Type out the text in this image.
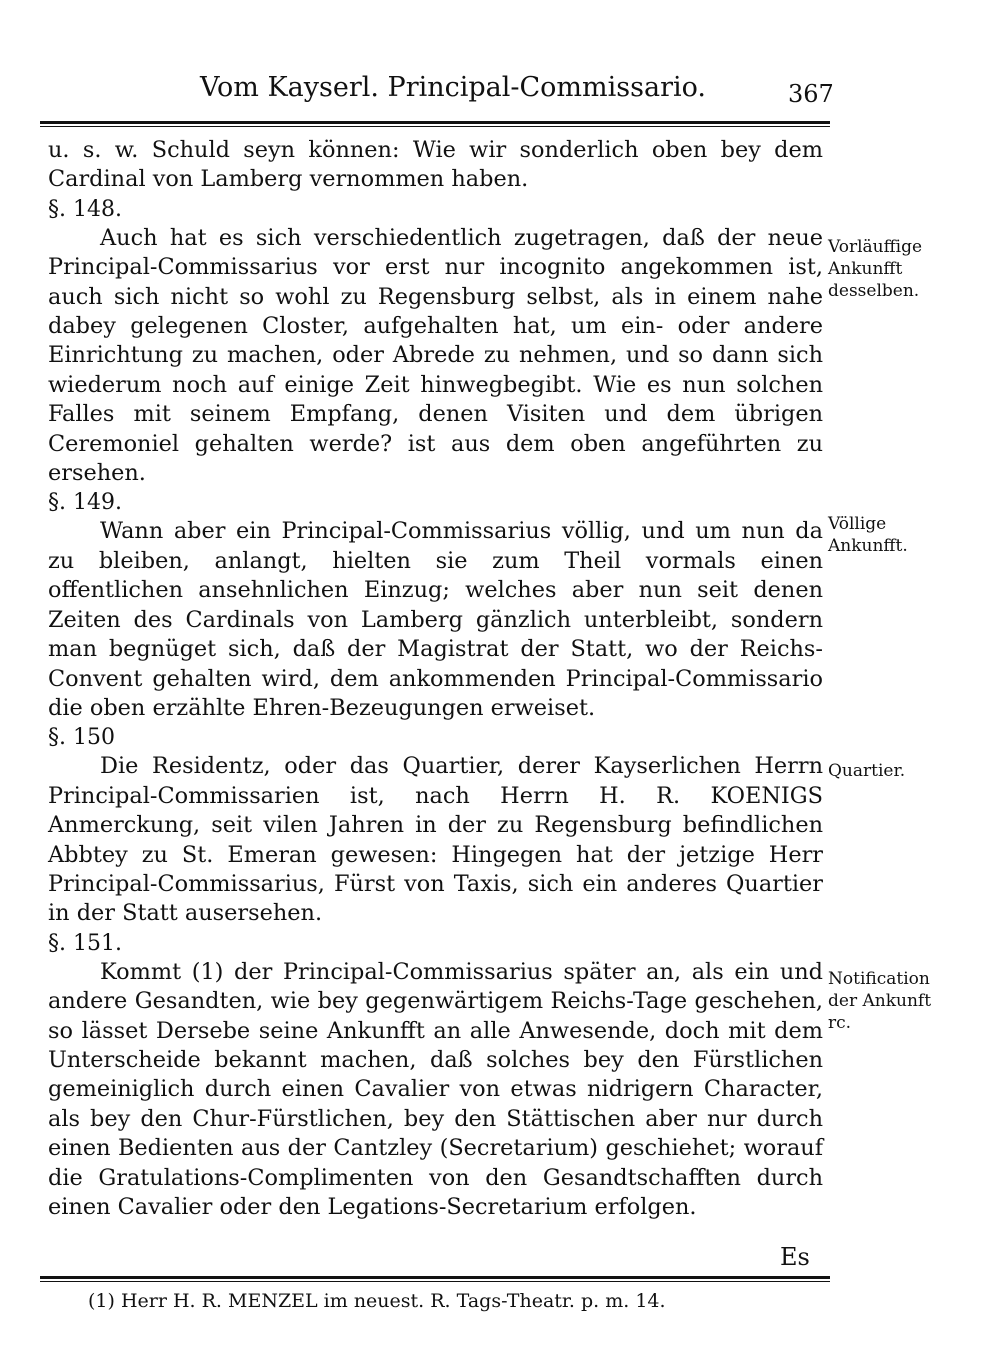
Vom Kayserl. Principal-Commissario.	367

u. s. w. Schuld seyn können: Wie wir sonderlich oben bey dem Cardinal von Lamberg vernommen haben.

§. 148.

Auch hat es sich verschiedentlich zugetragen, daß der neue Principal-Commissarius vor erst nur incognito angekommen ist, auch sich nicht so wohl zu Regensburg selbst, als in einem nahe dabey gelegenen Closter, aufgehalten hat, um ein- oder andere Einrichtung zu machen, oder Abrede zu nehmen, und so dann sich wiederum noch auf einige Zeit hinwegbegibt. Wie es nun solchen Falles mit seinem Empfang, denen Visiten und dem übrigen Ceremoniel gehalten werde? ist aus dem oben angeführten zu ersehen.

§. 149.

Wann aber ein Principal-Commissarius völlig, und um nun da zu bleiben, anlangt, hielten sie zum Theil vormals einen offentlichen ansehnlichen Einzug; welches aber nun seit denen Zeiten des Cardinals von Lamberg gänzlich unterbleibt, sondern man begnüget sich, daß der Magistrat der Statt, wo der Reichs-Convent gehalten wird, dem ankommenden Principal-Commissario die oben erzählte Ehren-Bezeugungen erweiset.

§. 150

Die Residentz, oder das Quartier, derer Kayserlichen Herrn Principal-Commissarien ist, nach Herrn H. R. KOENIGS Anmerckung, seit vilen Jahren in der zu Regensburg befindlichen Abbtey zu St. Emeran gewesen: Hingegen hat der jetzige Herr Principal-Commissarius, Fürst von Taxis, sich ein anderes Quartier in der Statt ausersehen.

§. 151.

Kommt (1) der Principal-Commissarius später an, als ein und andere Gesandten, wie bey gegenwärtigem Reichs-Tage geschehen, so lässet Dersebe seine Ankunfft an alle Anwesende, doch mit dem Unterscheide bekannt machen, daß solches bey den Fürstlichen gemeiniglich durch einen Cavalier von etwas nidrigern Character, als bey den Chur-Fürstlichen, bey den Stättischen aber nur durch einen Bedienten aus der Cantzley (Secretarium) geschiehet; worauf die Gratulations-Complimenten von den Gesandtschafften durch einen Cavalier oder den Legations-Secretarium erfolgen.

Vorläuffige Ankunfft desselben.
Völlige Ankunfft.
Quartier.
Notification der Ankunft rc.
Es
(1) Herr H. R. MENZEL im neuest. R. Tags-Theatr. p. m. 14.
